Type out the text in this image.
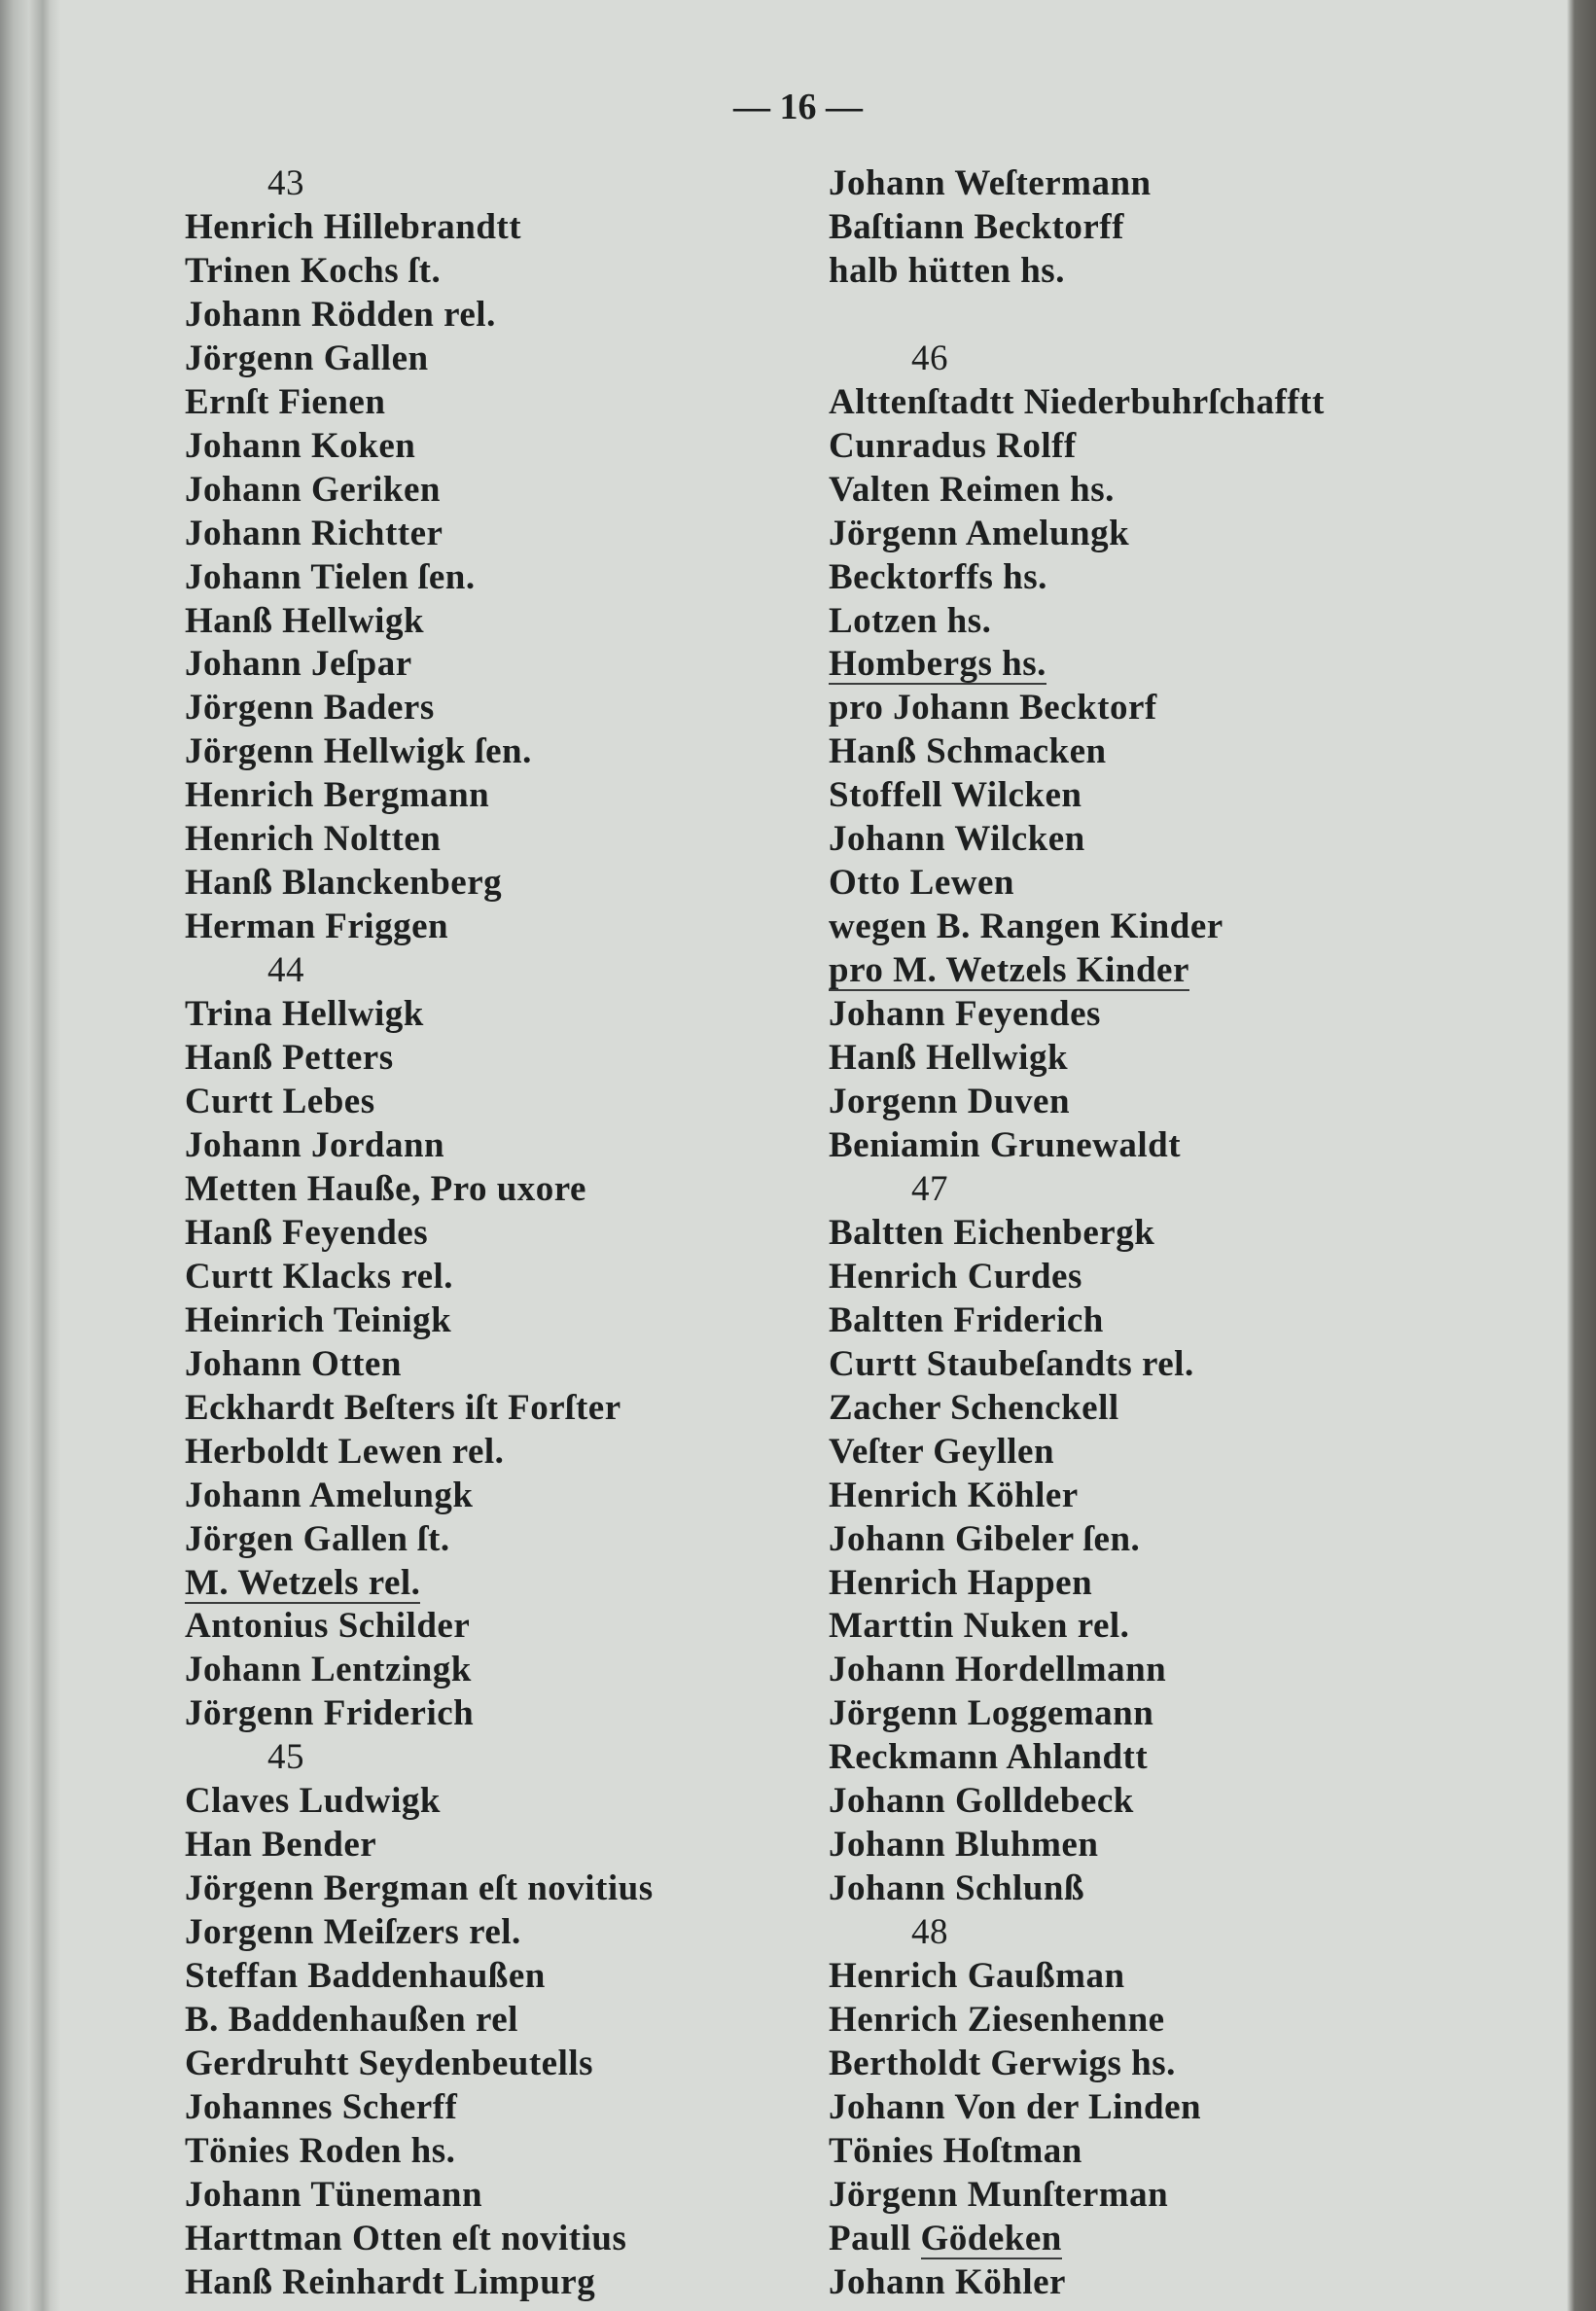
— 16 —
43
Henrich Hillebrandtt
Trinen Kochs ſt.
Johann Rödden rel.
Jörgenn Gallen
Ernſt Fienen
Johann Koken
Johann Geriken
Johann Richtter
Johann Tielen ſen.
Hanß Hellwigk
Johann Jeſpar
Jörgenn Baders
Jörgenn Hellwigk ſen.
Henrich Bergmann
Henrich Noltten
Hanß Blanckenberg
Herman Friggen
44
Trina Hellwigk
Hanß Petters
Curtt Lebes
Johann Jordann
Metten Hauße, Pro uxore
Hanß Feyendes
Curtt Klacks rel.
Heinrich Teinigk
Johann Otten
Eckhardt Beſters iſt Forſter
Herboldt Lewen rel.
Johann Amelungk
Jörgen Gallen ſt.
M. Wetzels rel.
Antonius Schilder
Johann Lentzingk
Jörgenn Friderich
45
Claves Ludwigk
Han Bender
Jörgenn Bergman eſt novitius
Jorgenn Meiſzers rel.
Steffan Baddenhaußen
B. Baddenhaußen rel
Gerdruhtt Seydenbeutells
Johannes Scherff
Tönies Roden hs.
Johann Tünemann
Harttman Otten eſt novitius
Hanß Reinhardt Limpurg
Johann Weſtermann
Baſtiann Becktorff
halb hütten hs.
46
Alttenſtadtt Niederbuhrſchafftt
Cunradus Rolff
Valten Reimen hs.
Jörgenn Amelungk
Becktorffs hs.
Lotzen hs.
Hombergs hs.
pro Johann Becktorf
Hanß Schmacken
Stoffell Wilcken
Johann Wilcken
Otto Lewen
wegen B. Rangen Kinder
pro M. Wetzels Kinder
Johann Feyendes
Hanß Hellwigk
Jorgenn Duven
Beniamin Grunewaldt
47
Baltten Eichenbergk
Henrich Curdes
Baltten Friderich
Curtt Staubeſandts rel.
Zacher Schenckell
Veſter Geyllen
Henrich Köhler
Johann Gibeler ſen.
Henrich Happen
Marttin Nuken rel.
Johann Hordellmann
Jörgenn Loggemann
Reckmann Ahlandtt
Johann Golldebeck
Johann Bluhmen
Johann Schlunß
48
Henrich Gaußman
Henrich Ziesenhenne
Bertholdt Gerwigs hs.
Johann Von der Linden
Tönies Hoſtman
Jörgenn Munſterman
Paull Gödeken
Johann Köhler
